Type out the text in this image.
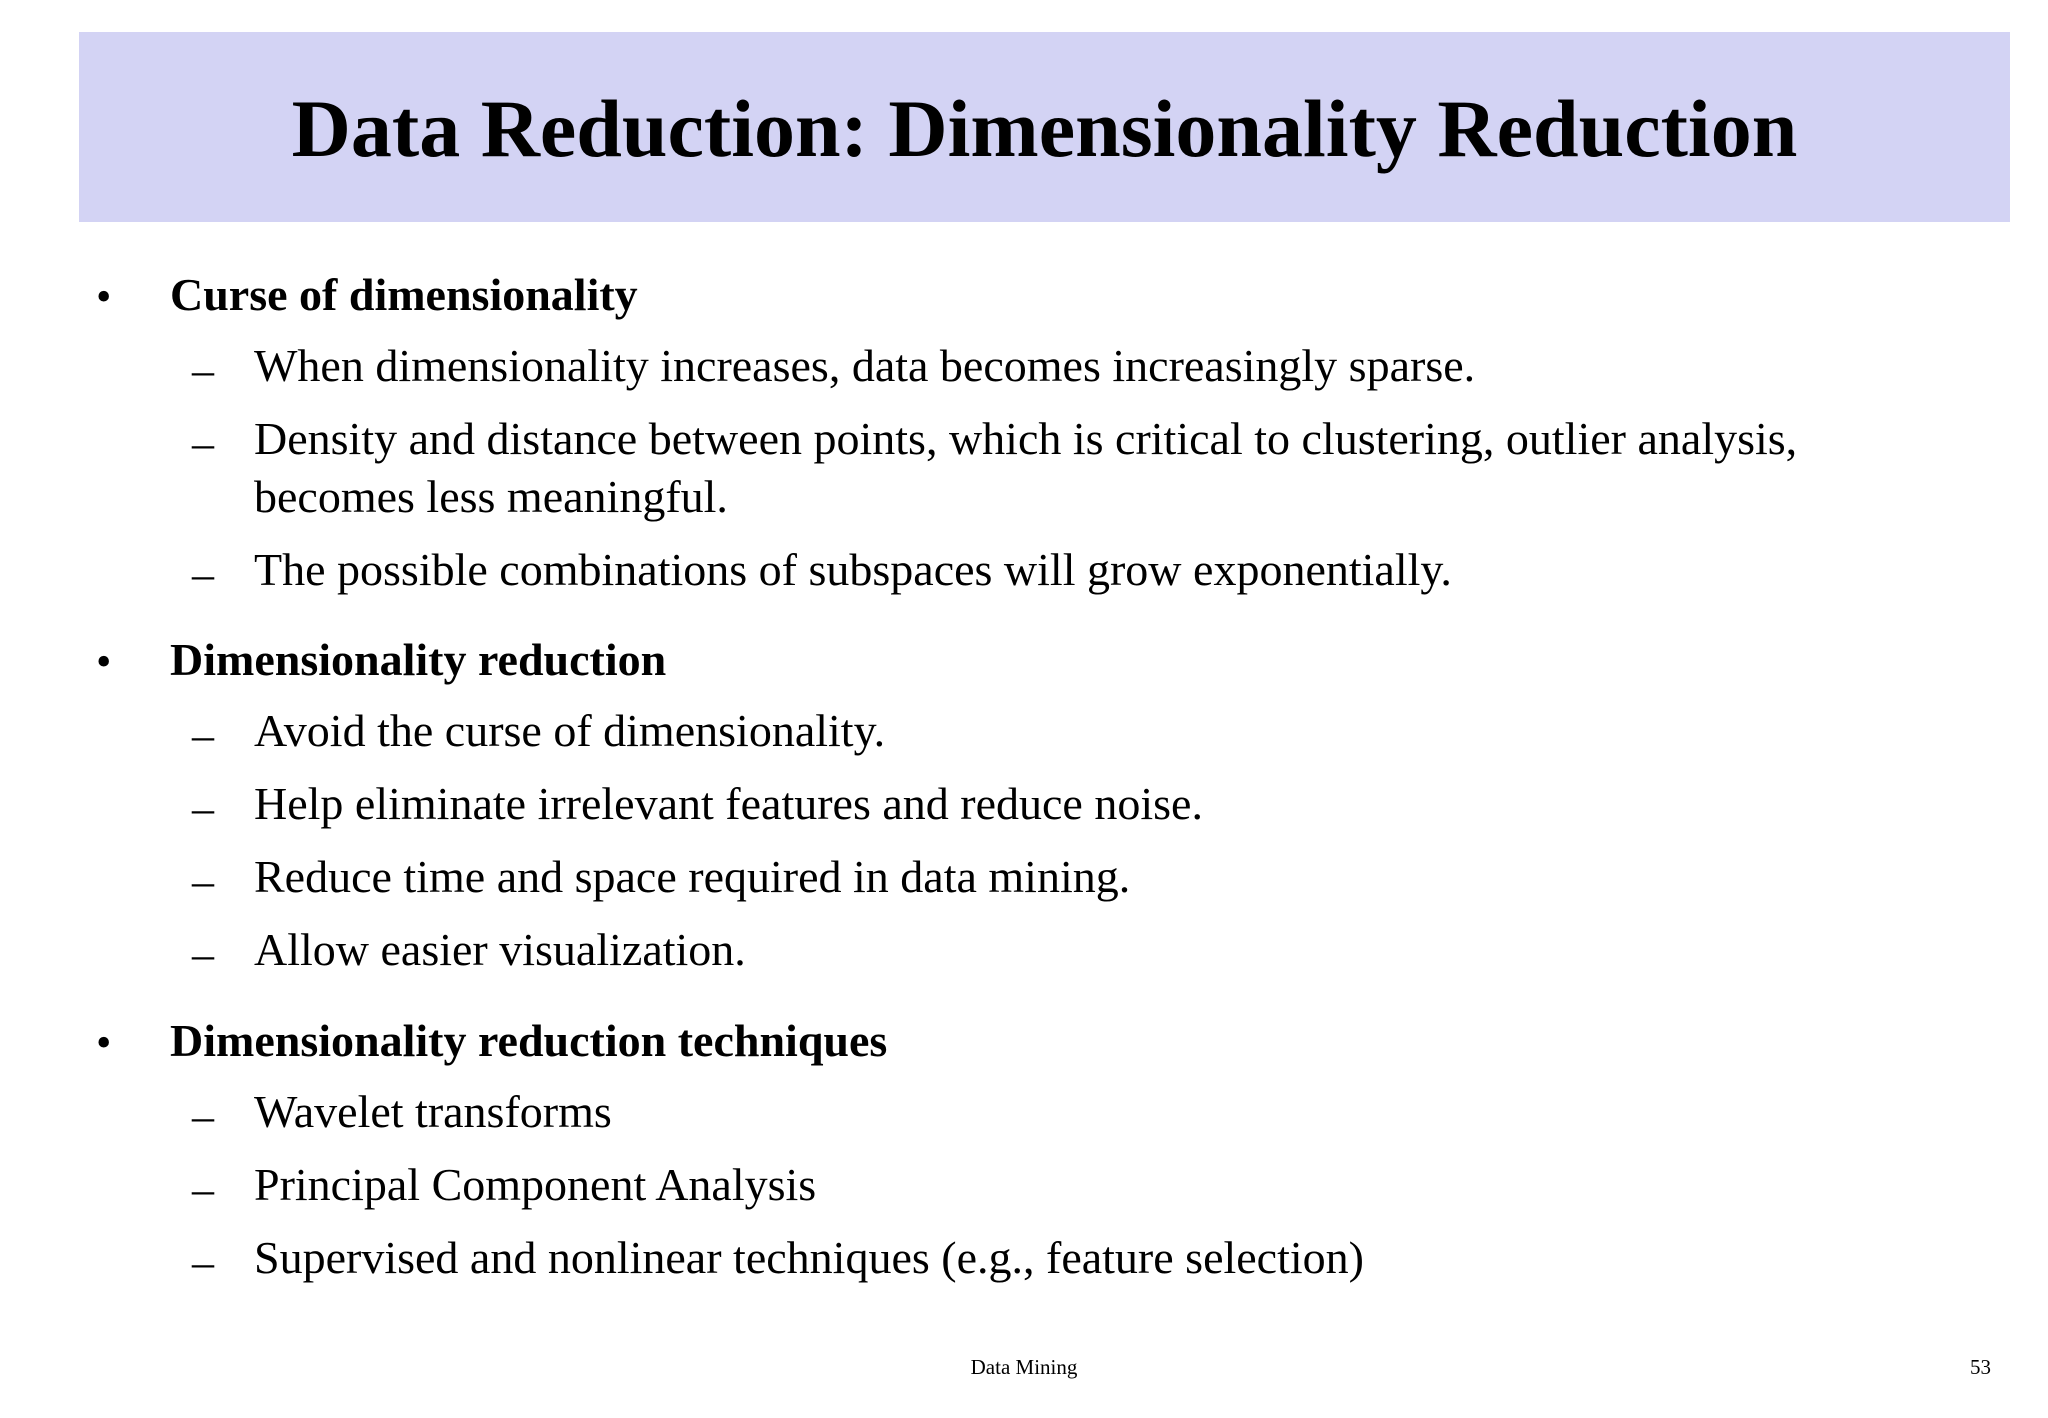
Data Reduction: Dimensionality Reduction
• Curse of dimensionality
– When dimensionality increases, data becomes increasingly sparse.
– Density and distance between points, which is critical to clustering, outlier analysis,
becomes less meaningful.
– The possible combinations of subspaces will grow exponentially.
• Dimensionality reduction
– Avoid the curse of dimensionality.
– Help eliminate irrelevant features and reduce noise.
– Reduce time and space required in data mining.
– Allow easier visualization.
• Dimensionality reduction techniques
– Wavelet transforms
– Principal Component Analysis
– Supervised and nonlinear techniques (e.g., feature selection)
Data Mining	53
